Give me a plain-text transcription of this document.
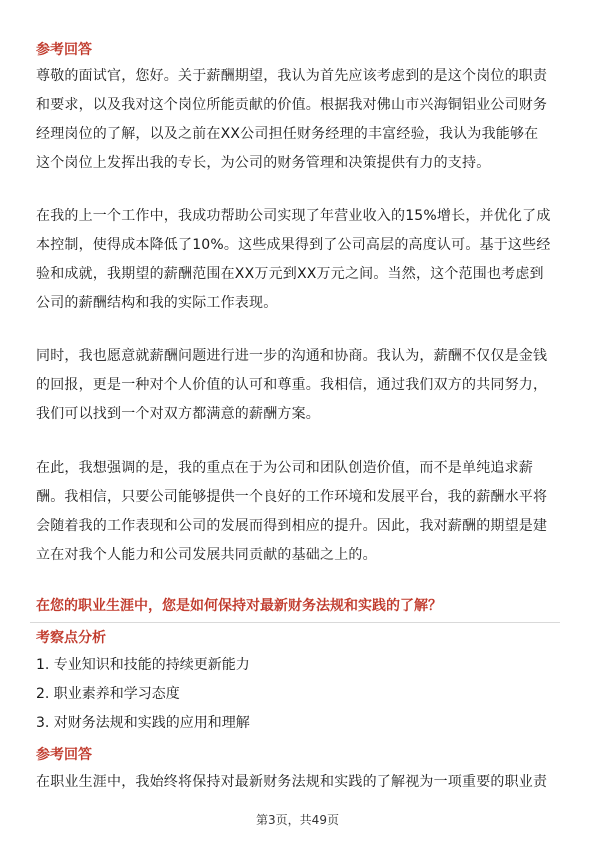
参考回答
尊敬的面试官，您好。关于薪酬期望，我认为首先应该考虑到的是这个岗位的职责
和要求，以及我对这个岗位所能贡献的价值。根据我对佛山市兴海铜铝业公司财务
经理岗位的了解，以及之前在XX公司担任财务经理的丰富经验，我认为我能够在
这个岗位上发挥出我的专长，为公司的财务管理和决策提供有力的支持。
在我的上一个工作中，我成功帮助公司实现了年营业收入的15%增长，并优化了成
本控制，使得成本降低了10%。这些成果得到了公司高层的高度认可。基于这些经
验和成就，我期望的薪酬范围在XX万元到XX万元之间。当然，这个范围也考虑到
公司的薪酬结构和我的实际工作表现。
同时，我也愿意就薪酬问题进行进一步的沟通和协商。我认为，薪酬不仅仅是金钱
的回报，更是一种对个人价值的认可和尊重。我相信，通过我们双方的共同努力，
我们可以找到一个对双方都满意的薪酬方案。
在此，我想强调的是，我的重点在于为公司和团队创造价值，而不是单纯追求薪
酬。我相信，只要公司能够提供一个良好的工作环境和发展平台，我的薪酬水平将
会随着我的工作表现和公司的发展而得到相应的提升。因此，我对薪酬的期望是建
立在对我个人能力和公司发展共同贡献的基础之上的。
在您的职业生涯中，您是如何保持对最新财务法规和实践的了解？
考察点分析
1. 专业知识和技能的持续更新能力
2. 职业素养和学习态度
3. 对财务法规和实践的应用和理解
参考回答
在职业生涯中，我始终将保持对最新财务法规和实践的了解视为一项重要的职业责
第3页，共49页
